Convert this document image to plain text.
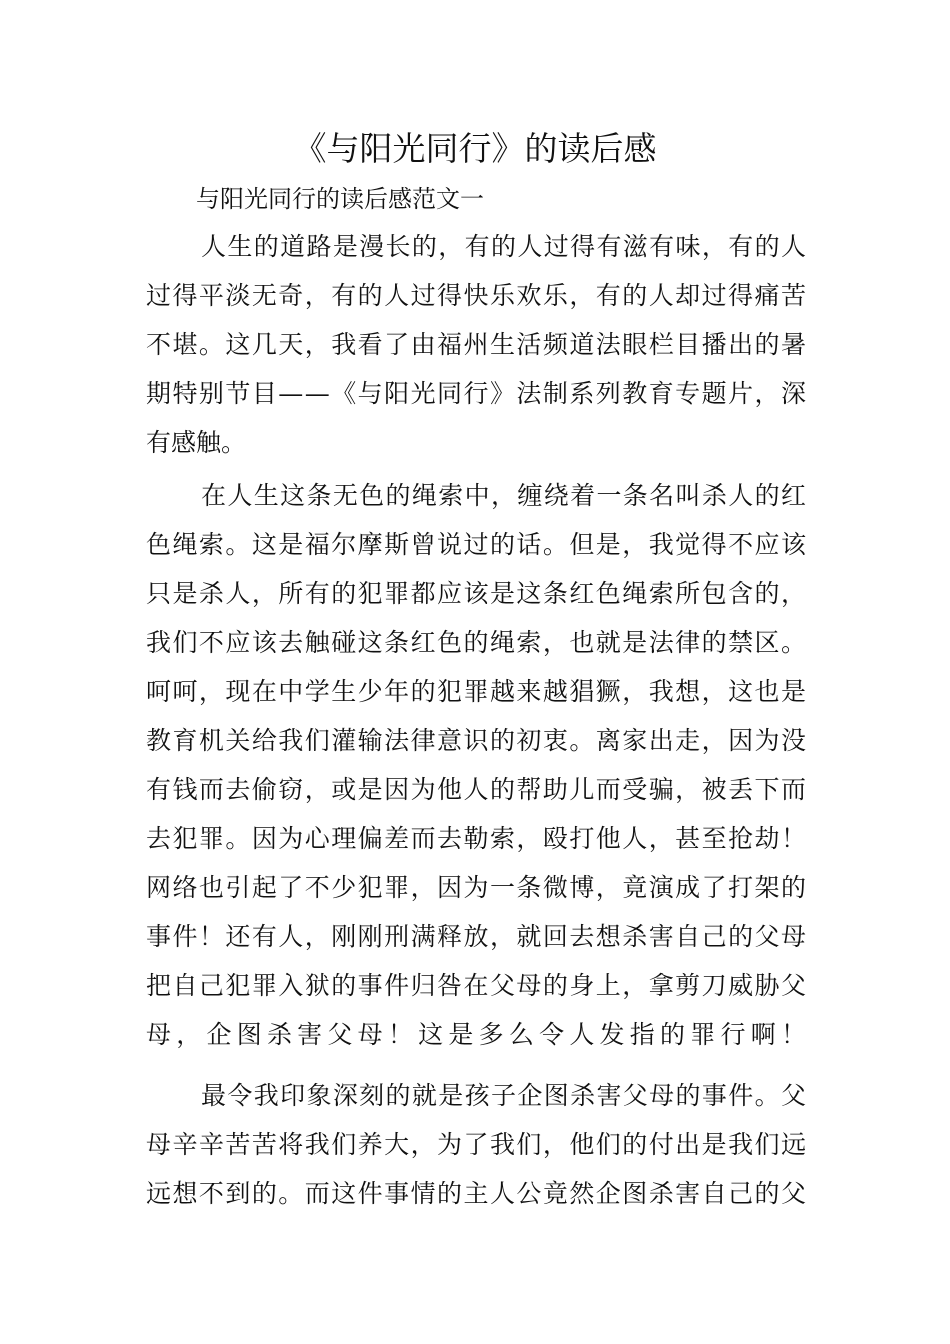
《与阳光同行》的读后感
与阳光同行的读后感范文一
人生的道路是漫长的，有的人过得有滋有味，有的人
过得平淡无奇，有的人过得快乐欢乐，有的人却过得痛苦
不堪。这几天，我看了由福州生活频道法眼栏目播出的暑
期特别节目——《与阳光同行》法制系列教育专题片，深
有感触。
在人生这条无色的绳索中，缠绕着一条名叫杀人的红
色绳索。这是福尔摩斯曾说过的话。但是，我觉得不应该
只是杀人，所有的犯罪都应该是这条红色绳索所包含的，
我们不应该去触碰这条红色的绳索，也就是法律的禁区。
呵呵，现在中学生少年的犯罪越来越猖獗，我想，这也是
教育机关给我们灌输法律意识的初衷。离家出走，因为没
有钱而去偷窃，或是因为他人的帮助儿而受骗，被丢下而
去犯罪。因为心理偏差而去勒索，殴打他人，甚至抢劫！
网络也引起了不少犯罪，因为一条微博，竟演成了打架的
事件！还有人，刚刚刑满释放，就回去想杀害自己的父母
把自己犯罪入狱的事件归咎在父母的身上，拿剪刀威胁父
母，企图杀害父母！这是多么令人发指的罪行啊！
最令我印象深刻的就是孩子企图杀害父母的事件。父
母辛辛苦苦将我们养大，为了我们，他们的付出是我们远
远想不到的。而这件事情的主人公竟然企图杀害自己的父
